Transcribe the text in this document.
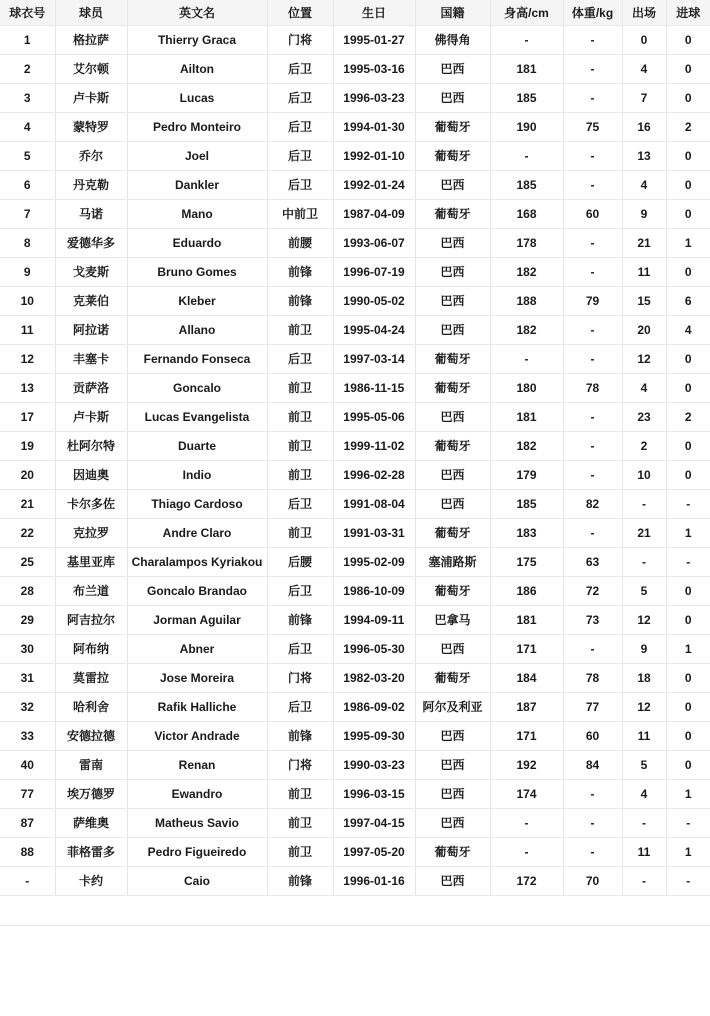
球衣号	球员	英文名	位置	生日	国籍	身高/cm	体重/kg	出场	进球
1	格拉萨	Thierry Graca	门将	1995-01-27	佛得角	-	-	0	0
2	艾尔顿	Ailton	后卫	1995-03-16	巴西	181	-	4	0
3	卢卡斯	Lucas	后卫	1996-03-23	巴西	185	-	7	0
4	蒙特罗	Pedro Monteiro	后卫	1994-01-30	葡萄牙	190	75	16	2
5	乔尔	Joel	后卫	1992-01-10	葡萄牙	-	-	13	0
6	丹克勒	Dankler	后卫	1992-01-24	巴西	185	-	4	0
7	马诺	Mano	中前卫	1987-04-09	葡萄牙	168	60	9	0
8	爱德华多	Eduardo	前腰	1993-06-07	巴西	178	-	21	1
9	戈麦斯	Bruno Gomes	前锋	1996-07-19	巴西	182	-	11	0
10	克莱伯	Kleber	前锋	1990-05-02	巴西	188	79	15	6
11	阿拉诺	Allano	前卫	1995-04-24	巴西	182	-	20	4
12	丰塞卡	Fernando Fonseca	后卫	1997-03-14	葡萄牙	-	-	12	0
13	贡萨洛	Goncalo	前卫	1986-11-15	葡萄牙	180	78	4	0
17	卢卡斯	Lucas Evangelista	前卫	1995-05-06	巴西	181	-	23	2
19	杜阿尔特	Duarte	前卫	1999-11-02	葡萄牙	182	-	2	0
20	因迪奥	Indio	前卫	1996-02-28	巴西	179	-	10	0
21	卡尔多佐	Thiago Cardoso	后卫	1991-08-04	巴西	185	82	-	-
22	克拉罗	Andre Claro	前卫	1991-03-31	葡萄牙	183	-	21	1
25	基里亚库	Charalampos Kyriakou	后腰	1995-02-09	塞浦路斯	175	63	-	-
28	布兰道	Goncalo Brandao	后卫	1986-10-09	葡萄牙	186	72	5	0
29	阿吉拉尔	Jorman Aguilar	前锋	1994-09-11	巴拿马	181	73	12	0
30	阿布纳	Abner	后卫	1996-05-30	巴西	171	-	9	1
31	莫雷拉	Jose Moreira	门将	1982-03-20	葡萄牙	184	78	18	0
32	哈利舍	Rafik Halliche	后卫	1986-09-02	阿尔及利亚	187	77	12	0
33	安德拉德	Victor Andrade	前锋	1995-09-30	巴西	171	60	11	0
40	雷南	Renan	门将	1990-03-23	巴西	192	84	5	0
77	埃万德罗	Ewandro	前卫	1996-03-15	巴西	174	-	4	1
87	萨维奥	Matheus Savio	前卫	1997-04-15	巴西	-	-	-	-
88	菲格雷多	Pedro Figueiredo	前卫	1997-05-20	葡萄牙	-	-	11	1
-	卡约	Caio	前锋	1996-01-16	巴西	172	70	-	-
